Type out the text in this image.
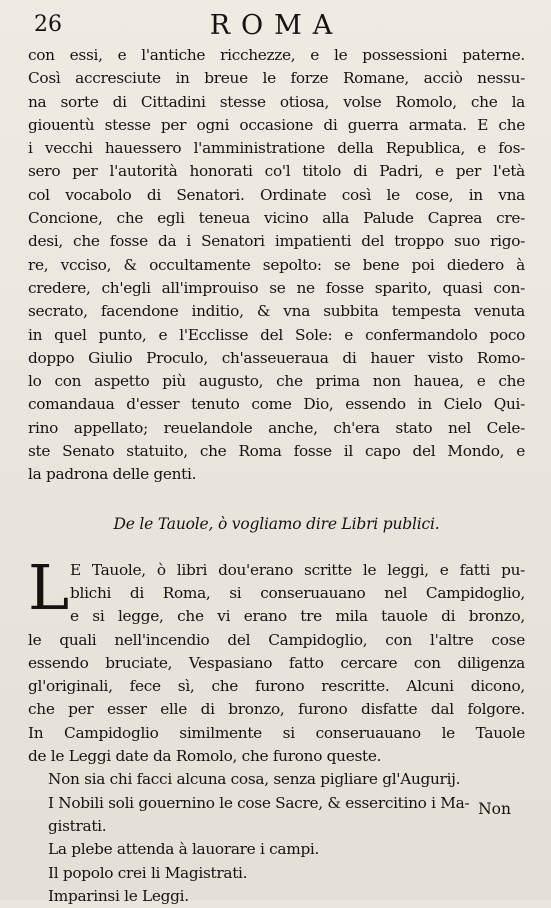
26	ROMA
con essi, e l'antiche ricchezze, e le possessioni paterne.
Così accresciute in breue le forze Romane, acciò nessu-
na sorte di Cittadini stesse otiosa, volse Romolo, che la
giouentù stesse per ogni occasione di guerra armata. E che
i vecchi hauessero l'amministratione della Republica, e fos-
sero per l'autorità honorati co'l titolo di Padri, e per l'età
col vocabolo di Senatori. Ordinate così le cose, in vna
Concione, che egli teneua vicino alla Palude Caprea cre-
desi, che fosse da i Senatori impatienti del troppo suo rigo-
re, vcciso, & occultamente sepolto: se bene poi diedero à
credere, ch'egli all'improuiso se ne fosse sparito, quasi con-
secrato, facendone inditio, & vna subbita tempesta venuta
in quel punto, e l'Ecclisse del Sole: e confermandolo poco
doppo Giulio Proculo, ch'asseueraua di hauer visto Romo-
lo con aspetto più augusto, che prima non hauea, e che
comandaua d'esser tenuto come Dio, essendo in Cielo Qui-
rino appellato; reuelandole anche, ch'era stato nel Cele-
ste Senato statuito, che Roma fosse il capo del Mondo, e
la padrona delle genti.
De le Tauole, ò vogliamo dire Libri publici.
L E Tauole, ò libri dou'erano scritte le leggi, e fatti pu-
blichi di Roma, si conseruauano nel Campidoglio,
e si legge, che vi erano tre mila tauole di bronzo,
le quali nell'incendio del Campidoglio, con l'altre cose
essendo bruciate, Vespasiano fatto cercare con diligenza
gl'originali, fece sì, che furono rescritte. Alcuni dicono,
che per esser elle di bronzo, furono disfatte dal folgore.
In Campidoglio similmente si conseruauano le Tauole
de le Leggi date da Romolo, che furono queste.
Non sia chi facci alcuna cosa, senza pigliare gl'Augurij.
I Nobili soli gouernino le cose Sacre, & essercitino i Ma-
gistrati.
La plebe attenda à lauorare i campi.
Il popolo crei li Magistrati.
Imparinsi le Leggi.
Non
